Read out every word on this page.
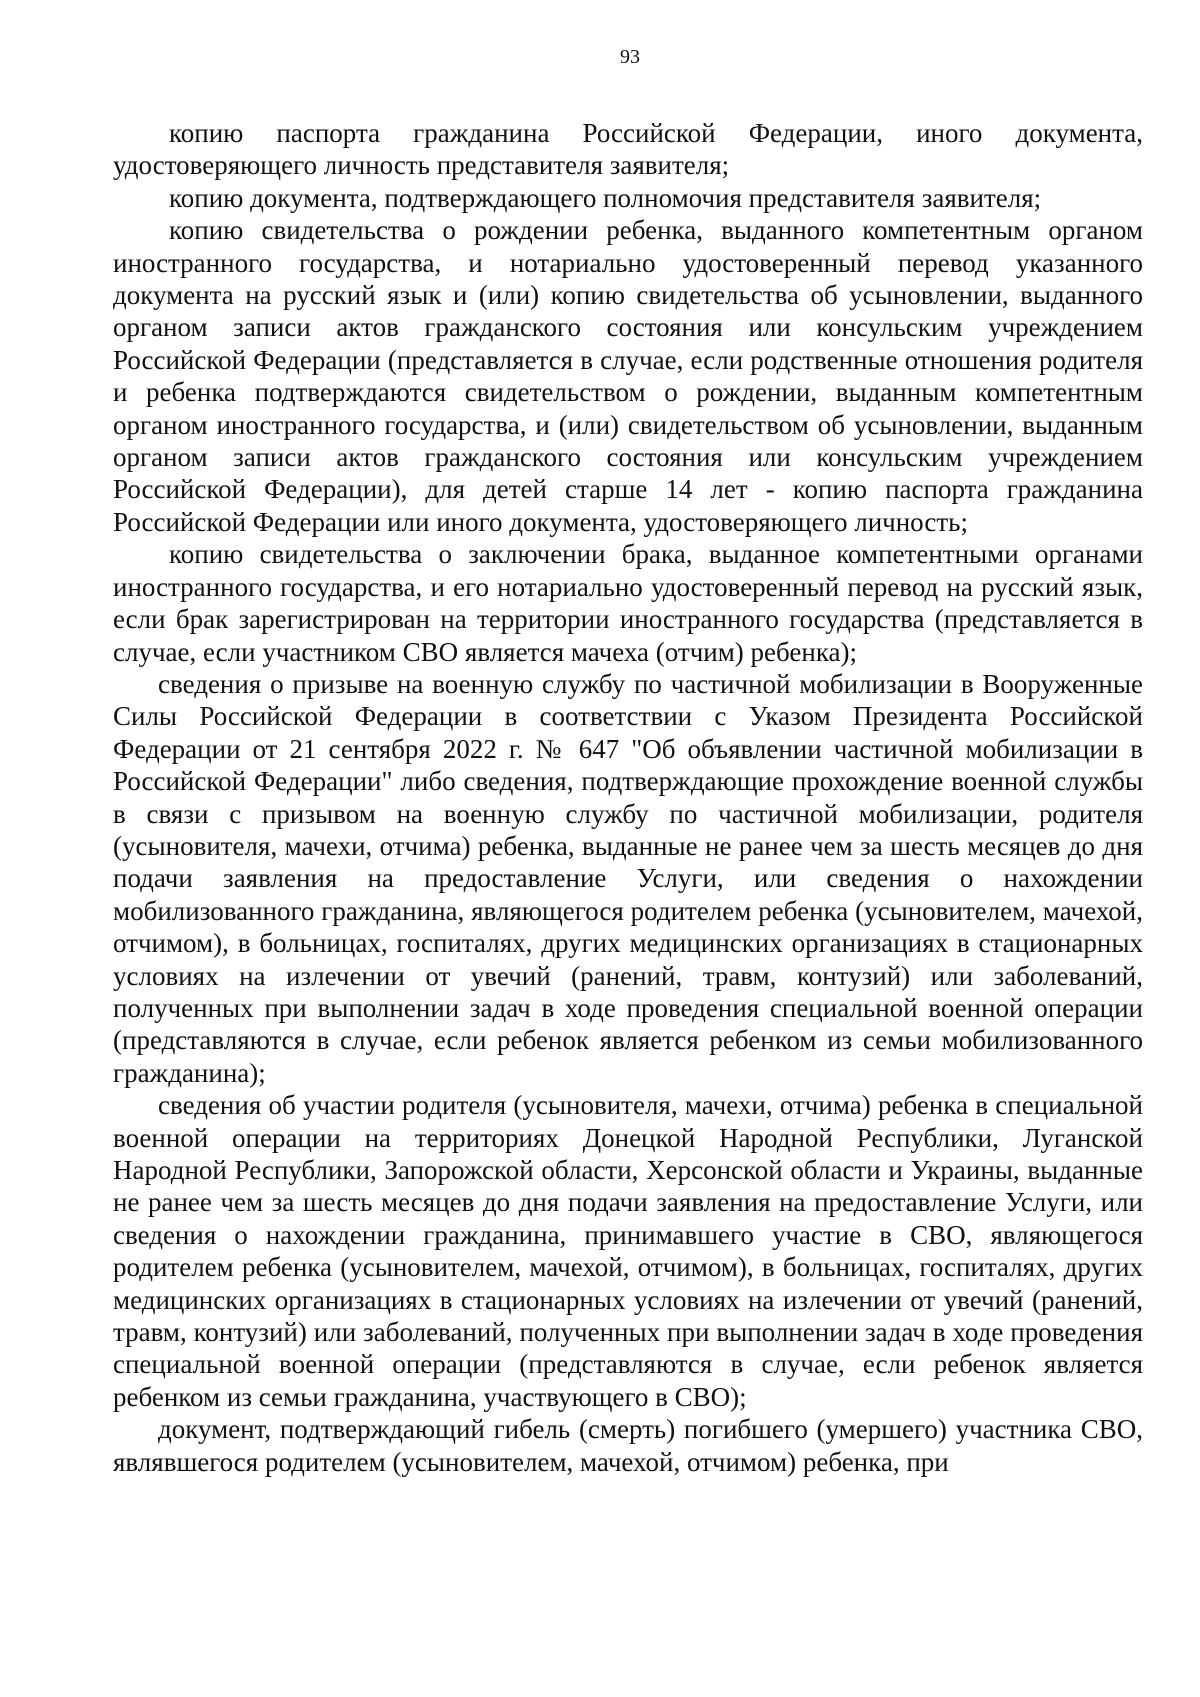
93

копию паспорта гражданина Российской Федерации, иного документа, удостоверяющего личность представителя заявителя;

копию документа, подтверждающего полномочия представителя заявителя;

копию свидетельства о рождении ребенка, выданного компетентным органом иностранного государства, и нотариально удостоверенный перевод указанного документа на русский язык и (или) копию свидетельства об усыновлении, выданного органом записи актов гражданского состояния или консульским учреждением Российской Федерации (представляется в случае, если родственные отношения родителя и ребенка подтверждаются свидетельством о рождении, выданным компетентным органом иностранного государства, и (или) свидетельством об усыновлении, выданным органом записи актов гражданского состояния или консульским учреждением Российской Федерации), для детей старше 14 лет - копию паспорта гражданина Российской Федерации или иного документа, удостоверяющего личность;

копию свидетельства о заключении брака, выданное компетентными органами иностранного государства, и его нотариально удостоверенный перевод на русский язык, если брак зарегистрирован на территории иностранного государства (представляется в случае, если участником СВО является мачеха (отчим) ребенка);

сведения о призыве на военную службу по частичной мобилизации в Вооруженные Силы Российской Федерации в соответствии с Указом Президента Российской Федерации от 21 сентября 2022 г. № 647 "Об объявлении частичной мобилизации в Российской Федерации" либо сведения, подтверждающие прохождение военной службы в связи с призывом на военную службу по частичной мобилизации, родителя (усыновителя, мачехи, отчима) ребенка, выданные не ранее чем за шесть месяцев до дня подачи заявления на предоставление Услуги, или сведения о нахождении мобилизованного гражданина, являющегося родителем ребенка (усыновителем, мачехой, отчимом), в больницах, госпиталях, других медицинских организациях в стационарных условиях на излечении от увечий (ранений, травм, контузий) или заболеваний, полученных при выполнении задач в ходе проведения специальной военной операции (представляются в случае, если ребенок является ребенком из семьи мобилизованного гражданина);

сведения об участии родителя (усыновителя, мачехи, отчима) ребенка в специальной военной операции на территориях Донецкой Народной Республики, Луганской Народной Республики, Запорожской области, Херсонской области и Украины, выданные не ранее чем за шесть месяцев до дня подачи заявления на предоставление Услуги, или сведения о нахождении гражданина, принимавшего участие в СВО, являющегося родителем ребенка (усыновителем, мачехой, отчимом), в больницах, госпиталях, других медицинских организациях в стационарных условиях на излечении от увечий (ранений, травм, контузий) или заболеваний, полученных при выполнении задач в ходе проведения специальной военной операции (представляются в случае, если ребенок является ребенком из семьи гражданина, участвующего в СВО);

документ, подтверждающий гибель (смерть) погибшего (умершего) участника СВО, являвшегося родителем (усыновителем, мачехой, отчимом) ребенка, при
